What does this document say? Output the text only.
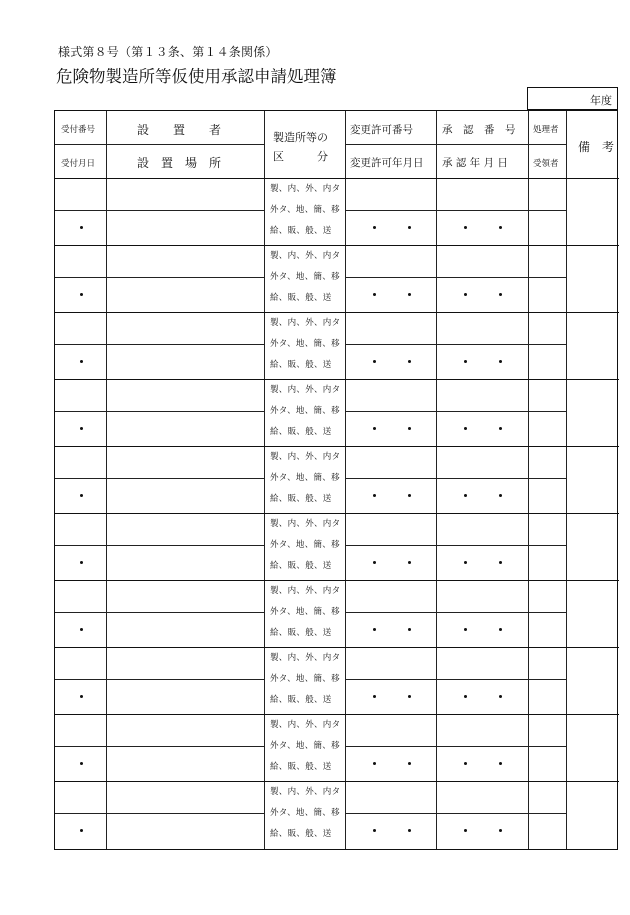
様式第８号（第１３条、第１４条関係）
危険物製造所等仮使用承認申請処理簿
年度
受付番号
受付月日
設　　置　　者
設　置　場　所
製造所等の
区　　　分
変更許可番号
変更許可年月日
承　認　番　号
承 認 年 月 日
処理者
受領者
備　考
製、内、外、内タ
外タ、地、簡、移
給、販、般、送
製、内、外、内タ
外タ、地、簡、移
給、販、般、送
製、内、外、内タ
外タ、地、簡、移
給、販、般、送
製、内、外、内タ
外タ、地、簡、移
給、販、般、送
製、内、外、内タ
外タ、地、簡、移
給、販、般、送
製、内、外、内タ
外タ、地、簡、移
給、販、般、送
製、内、外、内タ
外タ、地、簡、移
給、販、般、送
製、内、外、内タ
外タ、地、簡、移
給、販、般、送
製、内、外、内タ
外タ、地、簡、移
給、販、般、送
製、内、外、内タ
外タ、地、簡、移
給、販、般、送
